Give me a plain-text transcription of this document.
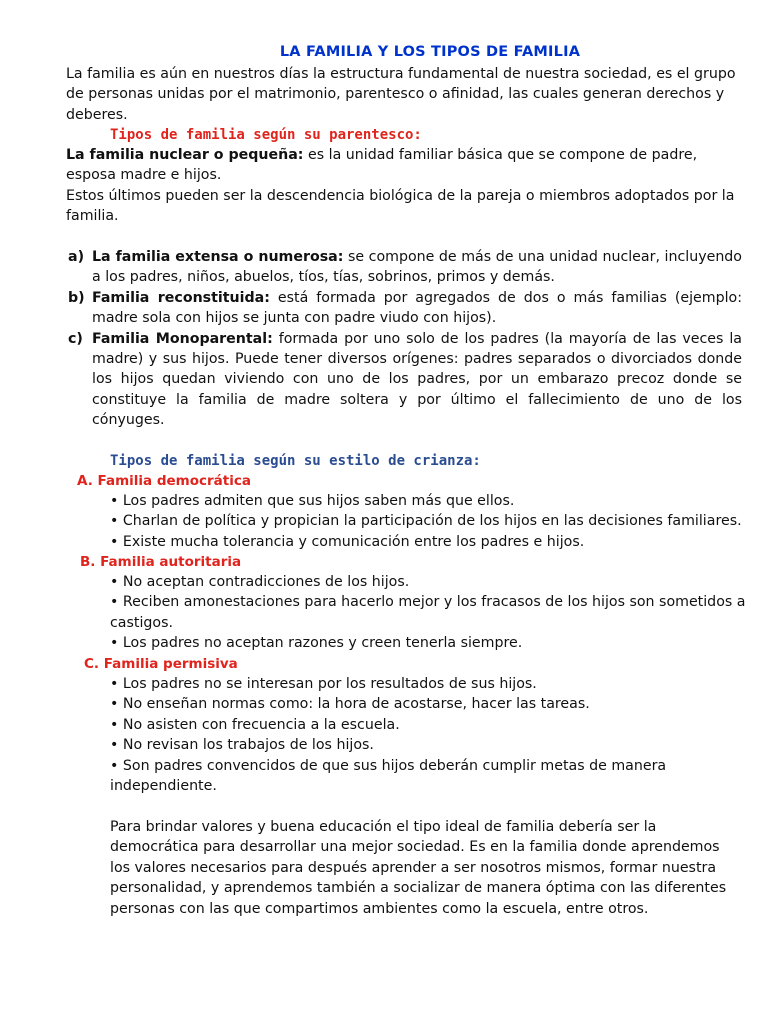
LA FAMILIA Y LOS TIPOS DE FAMILIA
La familia es aún en nuestros días la estructura fundamental de nuestra sociedad, es el grupo de personas unidas por el matrimonio, parentesco o afinidad, las cuales generan derechos y deberes.
Tipos de familia según su parentesco:
La familia nuclear o pequeña: es la unidad familiar básica que se compone de padre, esposa madre e hijos.
Estos últimos pueden ser la descendencia biológica de la pareja o miembros adoptados por la familia.
a) La familia extensa o numerosa: se compone de más de una unidad nuclear, incluyendo a los padres, niños, abuelos, tíos, tías, sobrinos, primos y demás.
b) Familia reconstituida: está formada por agregados de dos o más familias (ejemplo: madre sola con hijos se junta con padre viudo con hijos).
c) Familia Monoparental: formada por uno solo de los padres (la mayoría de las veces la madre) y sus hijos. Puede tener diversos orígenes: padres separados o divorciados donde los hijos quedan viviendo con uno de los padres, por un embarazo precoz donde se constituye la familia de madre soltera y por último el fallecimiento de uno de los cónyuges.
Tipos de familia según su estilo de crianza:
A. Familia democrática
• Los padres admiten que sus hijos saben más que ellos.
• Charlan de política y propician la participación de los hijos en las decisiones familiares.
• Existe mucha tolerancia y comunicación entre los padres e hijos.
B. Familia autoritaria
• No aceptan contradicciones de los hijos.
• Reciben amonestaciones para hacerlo mejor y los fracasos de los hijos son sometidos a castigos.
• Los padres no aceptan razones y creen tenerla siempre.
C. Familia permisiva
• Los padres no se interesan por los resultados de sus hijos.
• No enseñan normas como: la hora de acostarse, hacer las tareas.
• No asisten con frecuencia a la escuela.
• No revisan los trabajos de los hijos.
• Son padres convencidos de que sus hijos deberán cumplir metas de manera independiente.
Para brindar valores y buena educación el tipo ideal de familia debería ser la democrática para desarrollar una mejor sociedad. Es en la familia donde aprendemos los valores necesarios para después aprender a ser nosotros mismos, formar nuestra personalidad, y aprendemos también a socializar de manera óptima con las diferentes personas con las que compartimos ambientes como la escuela, entre otros.
